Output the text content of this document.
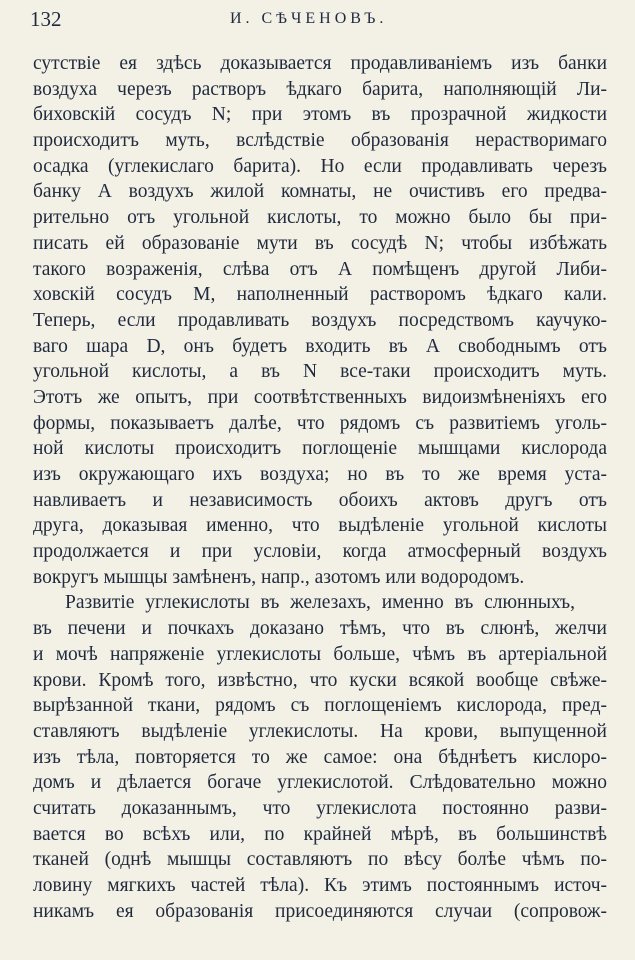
132	И. СѢЧЕНОВЪ.
сутствіе ея здѣсь доказывается продавливаніемъ изъ банки
воздуха черезъ растворъ ѣдкаго барита, наполняющій Ли-
биховскій сосудъ N; при этомъ въ прозрачной жидкости
происходитъ муть, вслѣдствіе образованія нерастворимаго
осадка (углекислаго барита). Но если продавливать черезъ
банку А воздухъ жилой комнаты, не очистивъ его предва-
рительно отъ угольной кислоты, то можно было бы при-
писать ей образованіе мути въ сосудѣ N; чтобы избѣжать
такого возраженія, слѣва отъ А помѣщенъ другой Либи-
ховскій сосудъ М, наполненный растворомъ ѣдкаго кали.
Теперь, если продавливать воздухъ посредствомъ каучуко-
ваго шара D, онъ будетъ входить въ А свободнымъ отъ
угольной кислоты, а въ N все-таки происходитъ муть.
Этотъ же опытъ, при соотвѣтственныхъ видоизмѣненіяхъ его
формы, показываетъ далѣе, что рядомъ съ развитіемъ уголь-
ной кислоты происходитъ поглощеніе мышцами кислорода
изъ окружающаго ихъ воздуха; но въ то же время уста-
навливаетъ и независимость обоихъ актовъ другъ отъ
друга, доказывая именно, что выдѣленіе угольной кислоты
продолжается и при условіи, когда атмосферный воздухъ
вокругъ мышцы замѣненъ, напр., азотомъ или водородомъ.
Развитіе углекислоты въ железахъ, именно въ слюнныхъ,
въ печени и почкахъ доказано тѣмъ, что въ слюнѣ, желчи
и мочѣ напряженіе углекислоты больше, чѣмъ въ артеріальной
крови. Кромѣ того, извѣстно, что куски всякой вообще свѣже-
вырѣзанной ткани, рядомъ съ поглощеніемъ кислорода, пред-
ставляютъ выдѣленіе углекислоты. На крови, выпущенной
изъ тѣла, повторяется то же самое: она бѣднѣетъ кислоро-
домъ и дѣлается богаче углекислотой. Слѣдовательно можно
считать доказаннымъ, что углекислота постоянно разви-
вается во всѣхъ или, по крайней мѣрѣ, въ большинствѣ
тканей (однѣ мышцы составляютъ по вѣсу болѣе чѣмъ по-
ловину мягкихъ частей тѣла). Къ этимъ постояннымъ источ-
никамъ ея образованія присоединяются случаи (сопровож-
